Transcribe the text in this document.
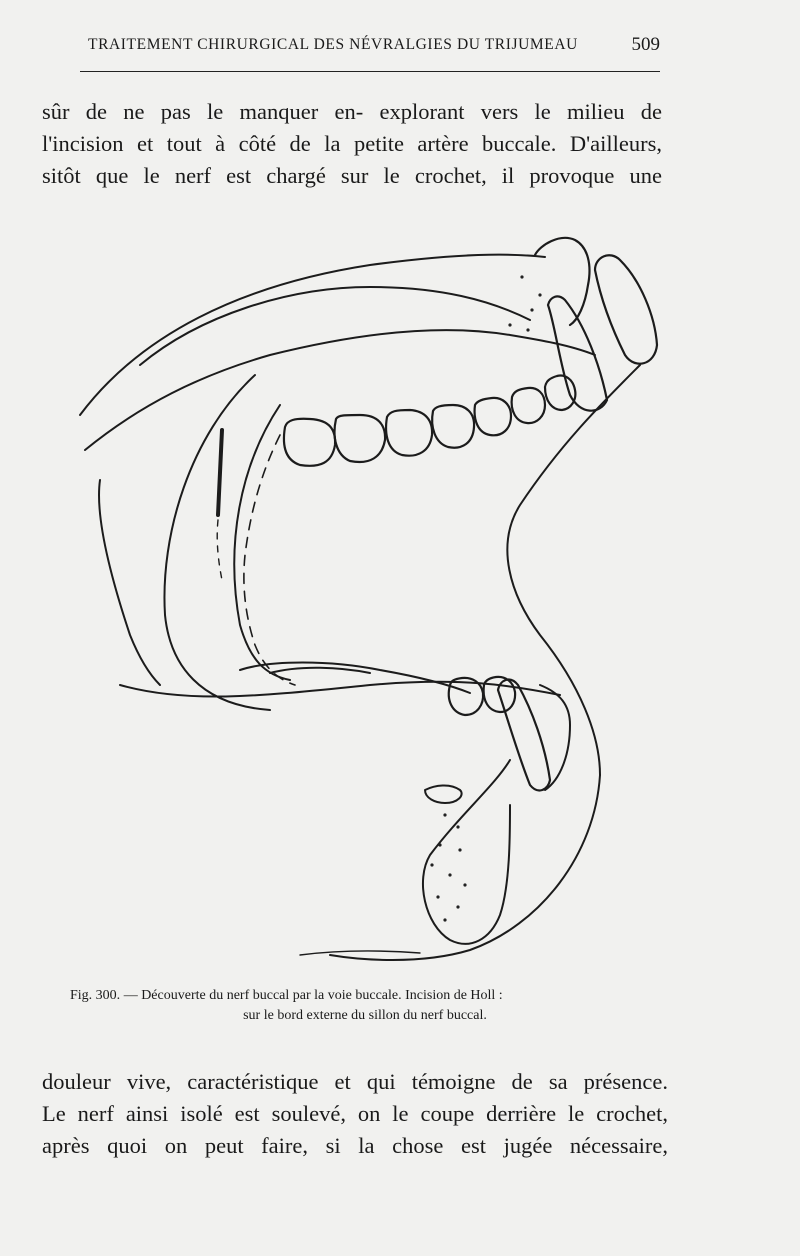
TRAITEMENT CHIRURGICAL DES NÉVRALGIES DU TRIJUMEAU	509
sûr de ne pas le manquer en- explorant vers le milieu de
l'incision et tout à côté de la petite artère buccale. D'ailleurs,
sitôt que le nerf est chargé sur le crochet, il provoque une
Fig. 300. — Découverte du nerf buccal par la voie buccale. Incision de Holl :
sur le bord externe du sillon du nerf buccal.
douleur vive, caractéristique et qui témoigne de sa présence.
Le nerf ainsi isolé est soulevé, on le coupe derrière le crochet,
après quoi on peut faire, si la chose est jugée nécessaire,
